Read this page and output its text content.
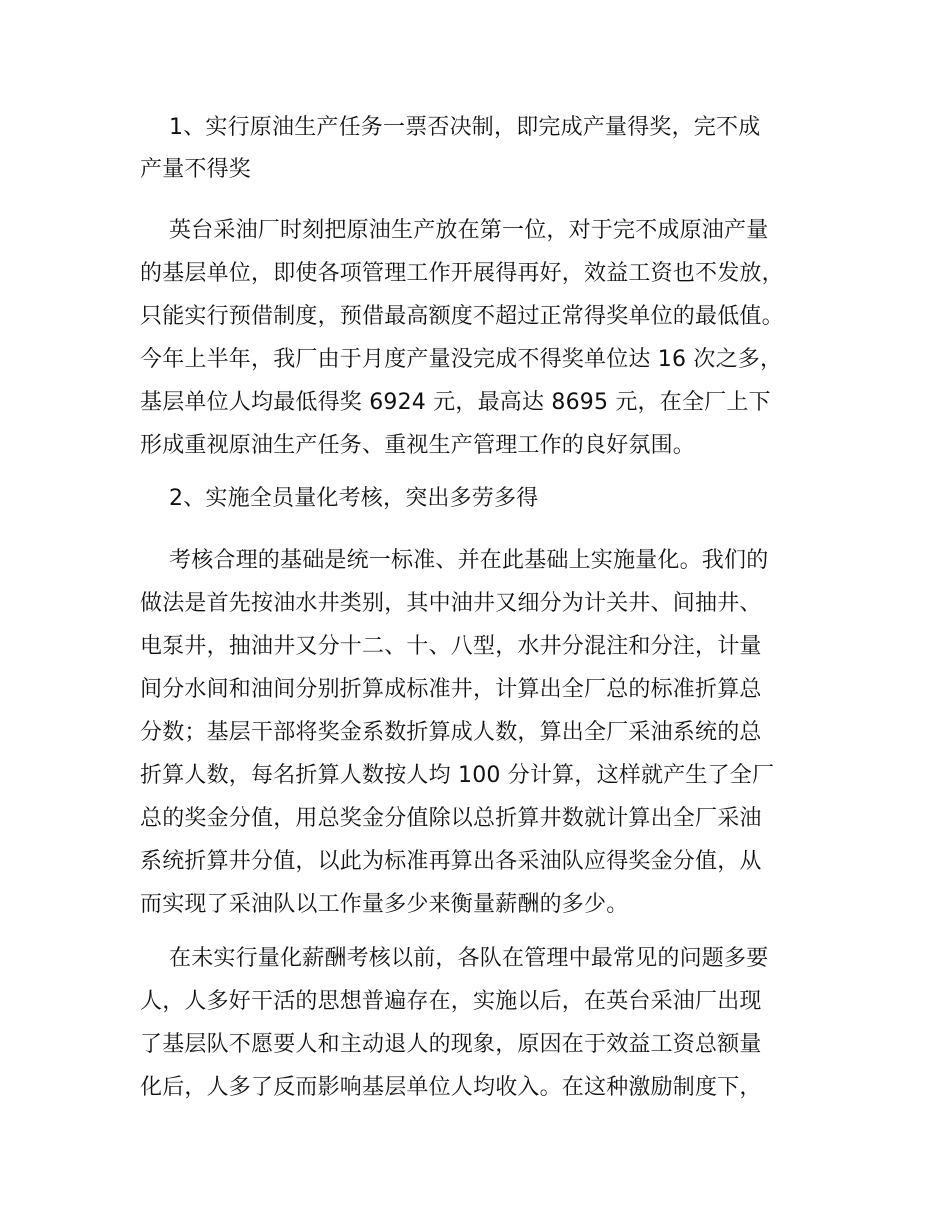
1、实行原油生产任务一票否决制，即完成产量得奖，完不成

产量不得奖

英台采油厂时刻把原油生产放在第一位，对于完不成原油产量

的基层单位，即使各项管理工作开展得再好，效益工资也不发放，

只能实行预借制度，预借最高额度不超过正常得奖单位的最低值。

今年上半年，我厂由于月度产量没完成不得奖单位达 16 次之多，

基层单位人均最低得奖 6924 元，最高达 8695 元，在全厂上下

形成重视原油生产任务、重视生产管理工作的良好氛围。

2、实施全员量化考核，突出多劳多得

考核合理的基础是统一标准、并在此基础上实施量化。我们的

做法是首先按油水井类别，其中油井又细分为计关井、间抽井、

电泵井，抽油井又分十二、十、八型，水井分混注和分注，计量

间分水间和油间分别折算成标准井，计算出全厂总的标准折算总

分数；基层干部将奖金系数折算成人数，算出全厂采油系统的总

折算人数，每名折算人数按人均 100 分计算，这样就产生了全厂

总的奖金分值，用总奖金分值除以总折算井数就计算出全厂采油

系统折算井分值，以此为标准再算出各采油队应得奖金分值，从

而实现了采油队以工作量多少来衡量薪酬的多少。

在未实行量化薪酬考核以前，各队在管理中最常见的问题多要

人，人多好干活的思想普遍存在，实施以后，在英台采油厂出现

了基层队不愿要人和主动退人的现象，原因在于效益工资总额量

化后，人多了反而影响基层单位人均收入。在这种激励制度下，
